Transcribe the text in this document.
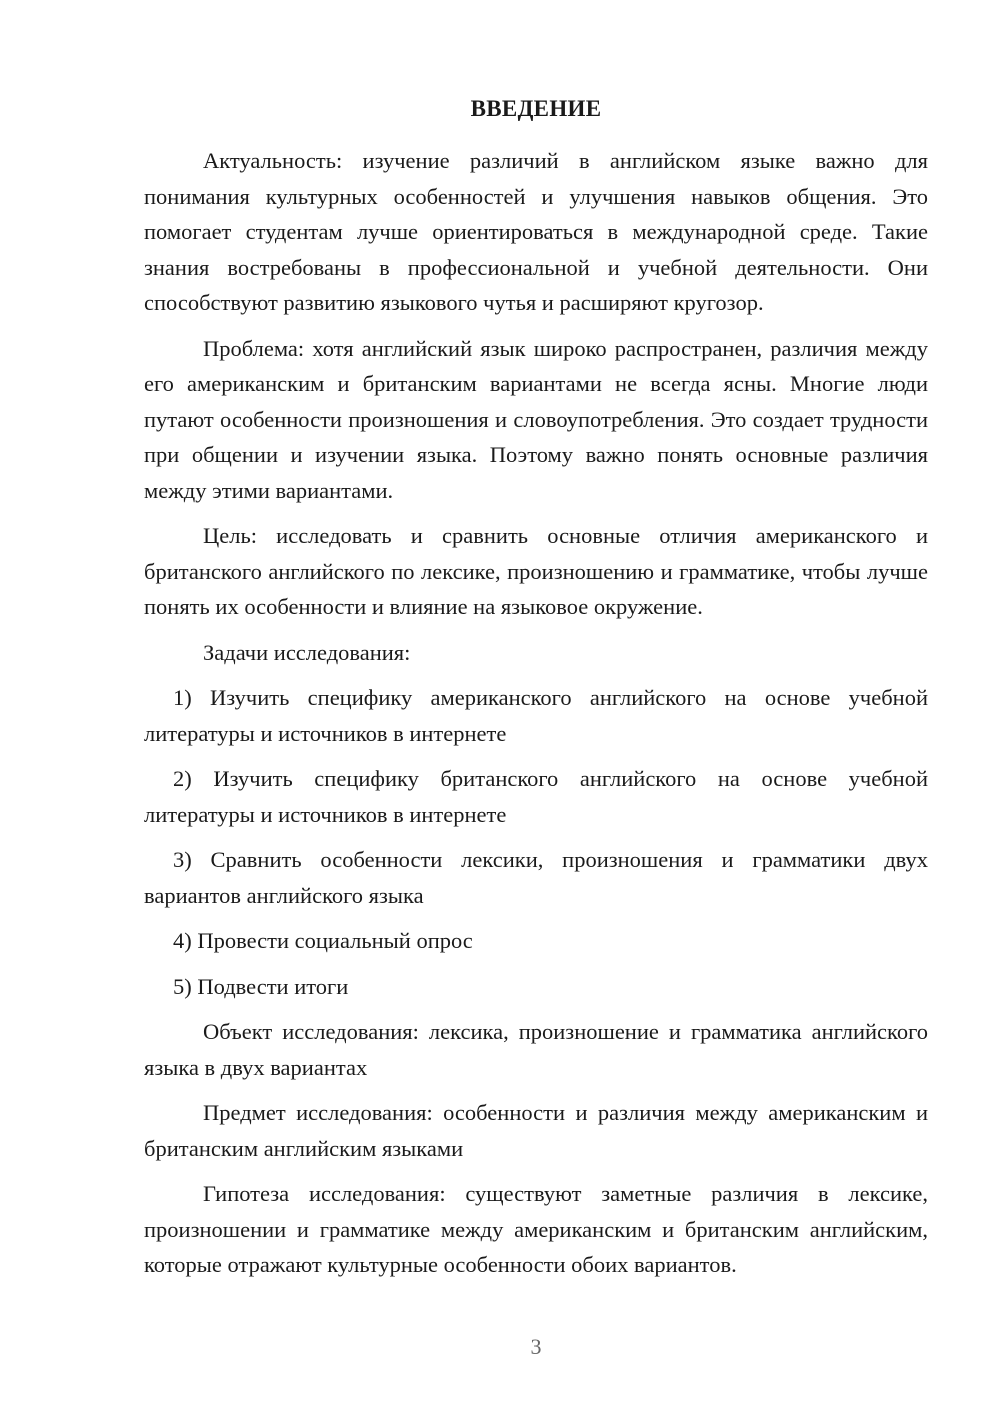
ВВЕДЕНИЕ

Актуальность: изучение различий в английском языке важно для понимания культурных особенностей и улучшения навыков общения. Это помогает студентам лучше ориентироваться в международной среде. Такие знания востребованы в профессиональной и учебной деятельности. Они способствуют развитию языкового чутья и расширяют кругозор.

Проблема: хотя английский язык широко распространен, различия между его американским и британским вариантами не всегда ясны. Многие люди путают особенности произношения и словоупотребления. Это создает трудности при общении и изучении языка. Поэтому важно понять основные различия между этими вариантами.

Цель: исследовать и сравнить основные отличия американского и британского английского по лексике, произношению и грамматике, чтобы лучше понять их особенности и влияние на языковое окружение.

Задачи исследования:

1) Изучить специфику американского английского на основе учебной литературы и источников в интернете

2) Изучить специфику британского английского на основе учебной литературы и источников в интернете

3) Сравнить особенности лексики, произношения и грамматики двух вариантов английского языка

4) Провести социальный опрос

5) Подвести итоги

Объект исследования: лексика, произношение и грамматика английского языка в двух вариантах

Предмет исследования: особенности и различия между американским и британским английским языками

Гипотеза исследования: существуют заметные различия в лексике, произношении и грамматике между американским и британским английским, которые отражают культурные особенности обоих вариантов.

3
